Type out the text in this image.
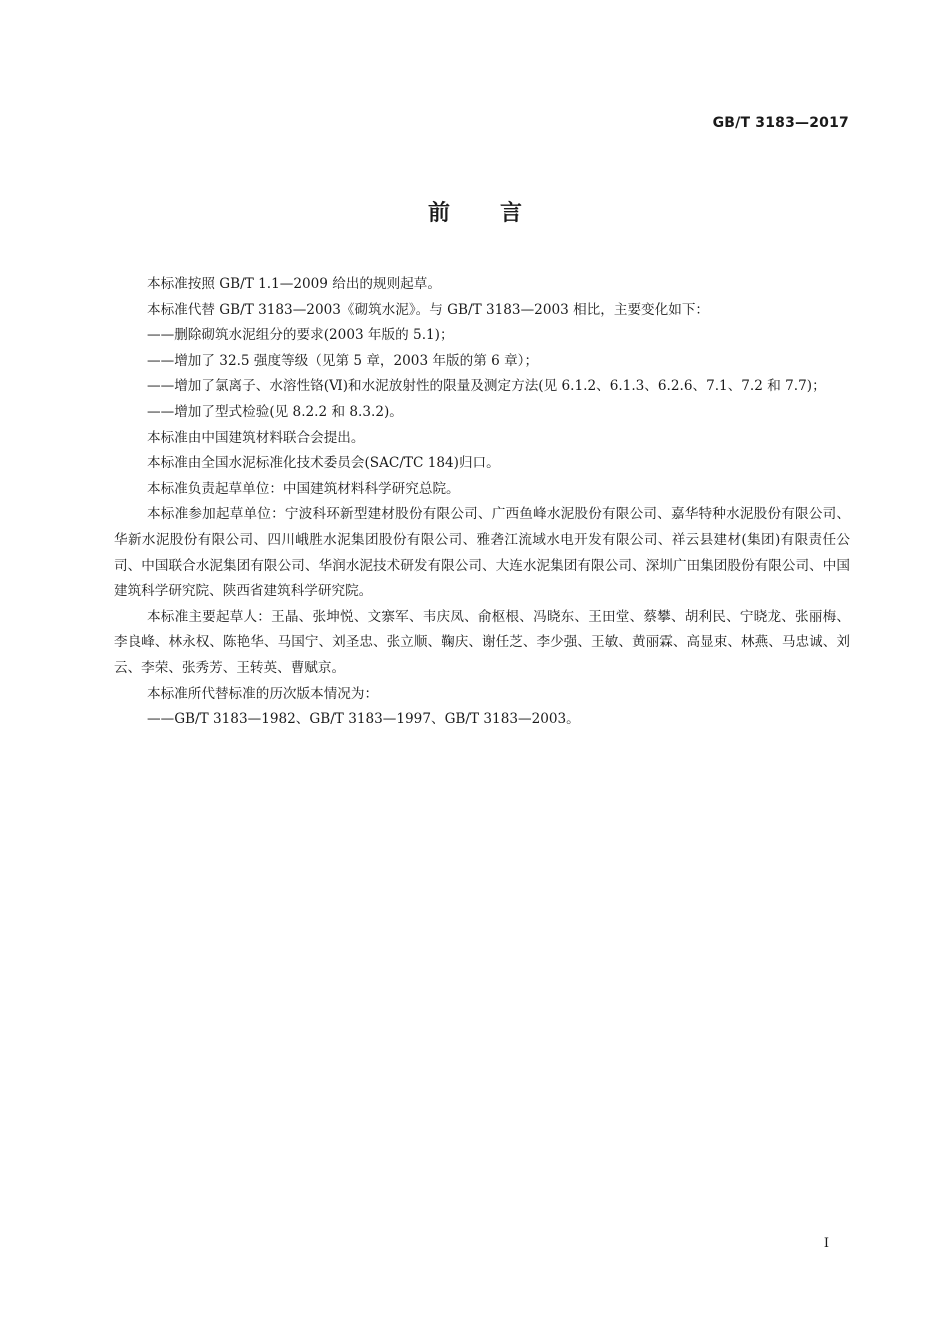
GB/T 3183—2017
前言

本标准按照 GB/T 1.1—2009 给出的规则起草。

本标准代替 GB/T 3183—2003《砌筑水泥》。与 GB/T 3183—2003 相比，主要变化如下：

——删除砌筑水泥组分的要求(2003 年版的 5.1)；

——增加了 32.5 强度等级（见第 5 章，2003 年版的第 6 章）；

——增加了氯离子、水溶性铬(Ⅵ)和水泥放射性的限量及测定方法(见 6.1.2、6.1.3、6.2.6、7.1、7.2 和 7.7)；

——增加了型式检验(见 8.2.2 和 8.3.2)。

本标准由中国建筑材料联合会提出。

本标准由全国水泥标准化技术委员会(SAC/TC 184)归口。

本标准负责起草单位：中国建筑材料科学研究总院。

本标准参加起草单位：宁波科环新型建材股份有限公司、广西鱼峰水泥股份有限公司、嘉华特种水泥股份有限公司、华新水泥股份有限公司、四川峨胜水泥集团股份有限公司、雅砻江流域水电开发有限公司、祥云县建材(集团)有限责任公司、中国联合水泥集团有限公司、华润水泥技术研发有限公司、大连水泥集团有限公司、深圳广田集团股份有限公司、中国建筑科学研究院、陕西省建筑科学研究院。

本标准主要起草人：王晶、张坤悦、文寨军、韦庆凤、俞枢根、冯晓东、王田堂、蔡攀、胡利民、宁晓龙、张丽梅、李良峰、林永权、陈艳华、马国宁、刘圣忠、张立顺、鞠庆、谢任芝、李少强、王敏、黄丽霖、高显束、林燕、马忠诚、刘云、李荣、张秀芳、王转英、曹赋京。

本标准所代替标准的历次版本情况为：

——GB/T 3183—1982、GB/T 3183—1997、GB/T 3183—2003。

I
